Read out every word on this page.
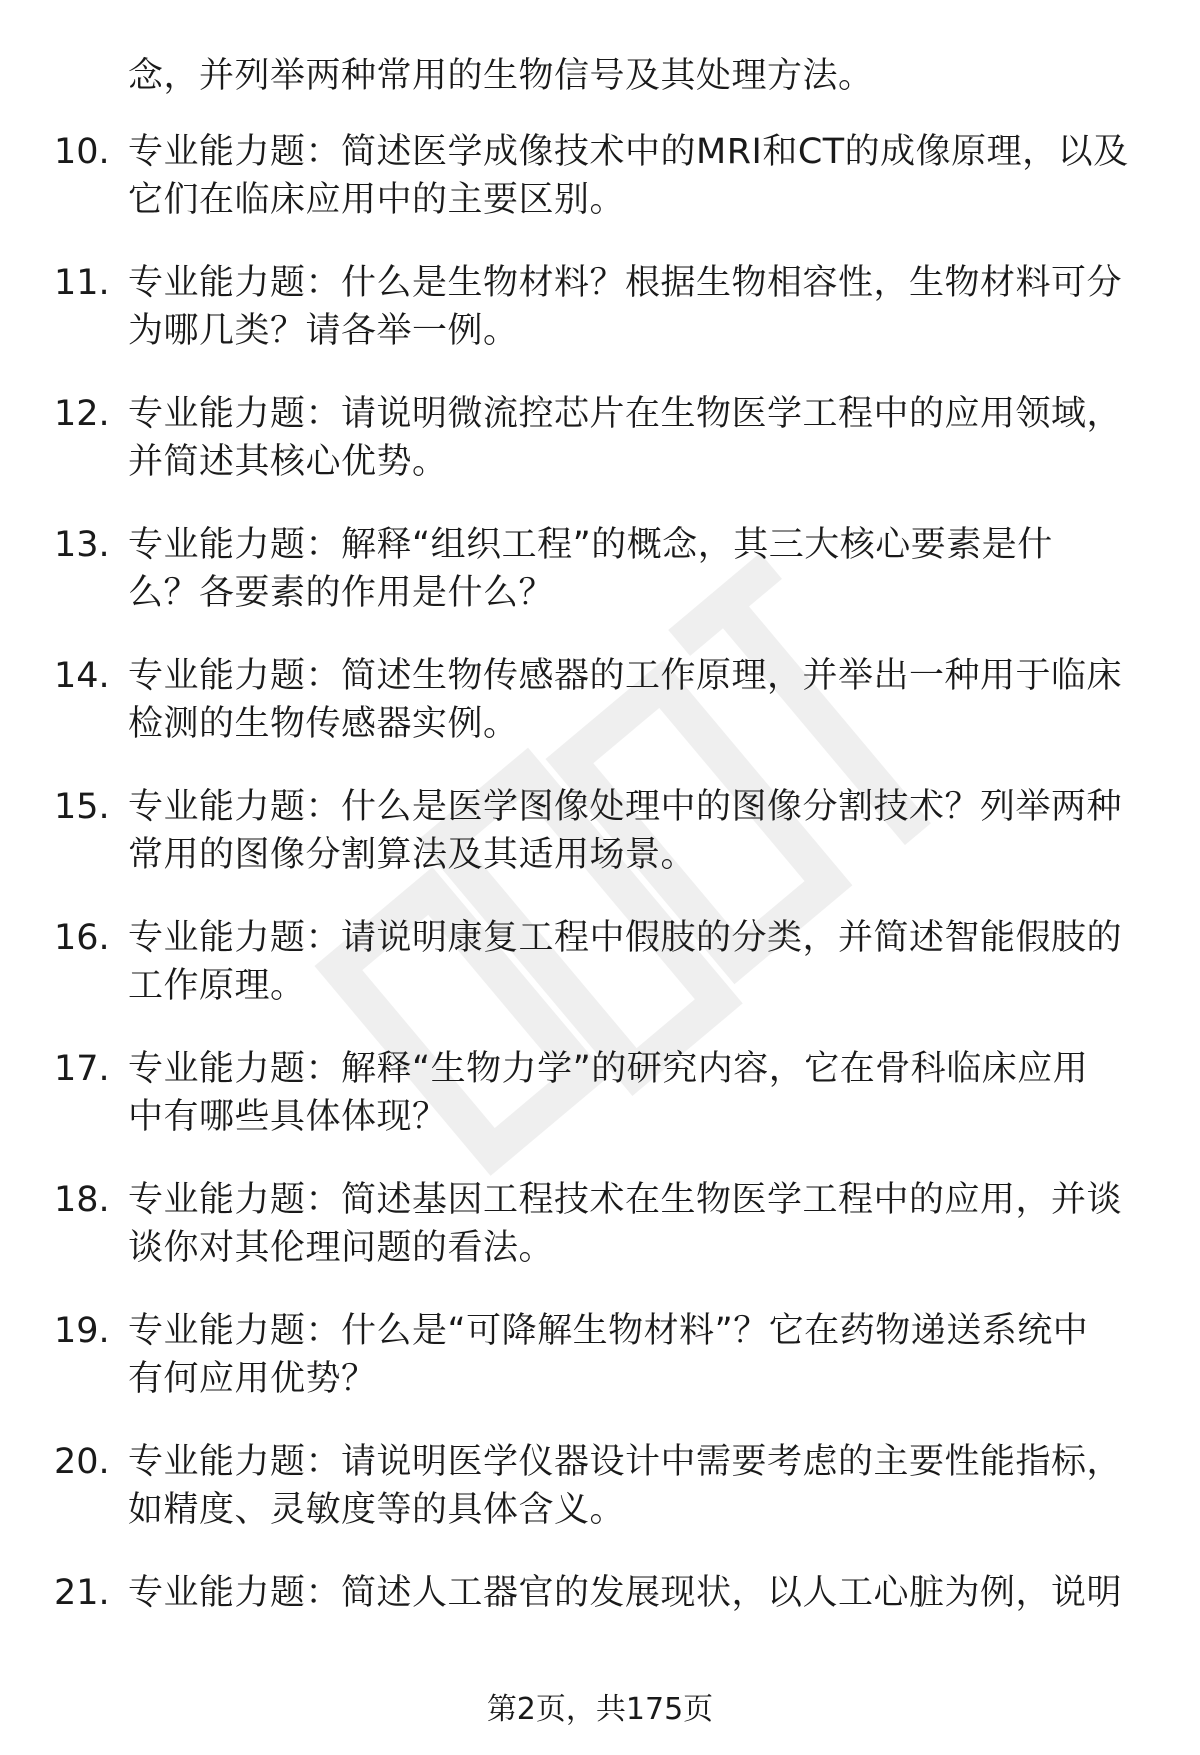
念，并列举两种常用的生物信号及其处理方法。
10. 专业能力题：简述医学成像技术中的MRI和CT的成像原理，以及
它们在临床应用中的主要区别。
11. 专业能力题：什么是生物材料？根据生物相容性，生物材料可分
为哪几类？请各举一例。
12. 专业能力题：请说明微流控芯片在生物医学工程中的应用领域，
并简述其核心优势。
13. 专业能力题：解释“组织工程”的概念，其三大核心要素是什
么？各要素的作用是什么？
14. 专业能力题：简述生物传感器的工作原理，并举出一种用于临床
检测的生物传感器实例。
15. 专业能力题：什么是医学图像处理中的图像分割技术？列举两种
常用的图像分割算法及其适用场景。
16. 专业能力题：请说明康复工程中假肢的分类，并简述智能假肢的
工作原理。
17. 专业能力题：解释“生物力学”的研究内容，它在骨科临床应用
中有哪些具体体现？
18. 专业能力题：简述基因工程技术在生物医学工程中的应用，并谈
谈你对其伦理问题的看法。
19. 专业能力题：什么是“可降解生物材料”？它在药物递送系统中
有何应用优势？
20. 专业能力题：请说明医学仪器设计中需要考虑的主要性能指标，
如精度、灵敏度等的具体含义。
21. 专业能力题：简述人工器官的发展现状，以人工心脏为例，说明
第2页，共175页
